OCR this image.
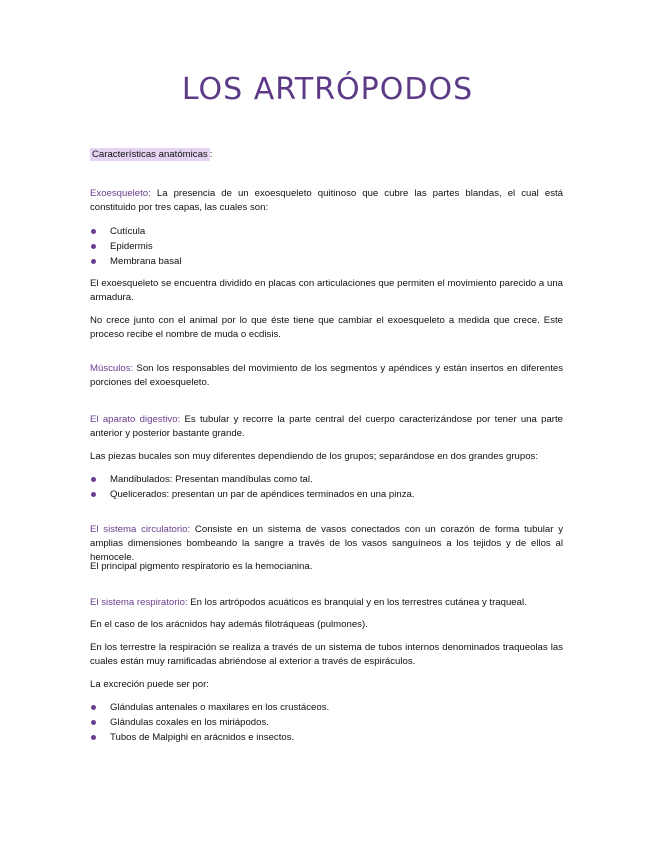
LOS ARTRÓPODOS
Características anatómicas :
Exoesqueleto: La presencia de un exoesqueleto quitinoso que cubre las partes blandas, el cual está constituido por tres capas, las cuales son:
Cutícula
Epidermis
Membrana basal
El exoesqueleto se encuentra dividido en placas con articulaciones que permiten el movimiento parecido a una armadura.
No crece junto con el animal por lo que éste tiene que cambiar el exoesqueleto a medida que crece. Este proceso recibe el nombre de muda o ecdisis.
Músculos: Son los responsables del movimiento de los segmentos y apéndices y están insertos en diferentes porciones del exoesqueleto.
El aparato digestivo: Es tubular y recorre la parte central del cuerpo caracterizándose por tener una parte anterior y posterior bastante grande.
Las piezas bucales son muy diferentes dependiendo de los grupos; separándose en dos grandes grupos:
Mandibulados: Presentan mandíbulas como tal.
Quelicerados: presentan un par de apéndices terminados en una pinza.
El sistema circulatorio: Consiste en un sistema de vasos conectados con un corazón de forma tubular y amplias dimensiones bombeando la sangre a través de los vasos sanguíneos a los tejidos y de ellos al hemocele.
El principal pigmento respiratorio es la hemocianina.
El sistema respiratorio: En los artrópodos acuáticos es branquial y en los terrestres cutánea y traqueal.
En el caso de los arácnidos hay además filotráqueas (pulmones).
En los terrestre la respiración se realiza a través de un sistema de tubos internos denominados traqueolas las cuales están muy ramificadas abriéndose al exterior a través de espiráculos.
La excreción puede ser por:
Glándulas antenales o maxilares en los crustáceos.
Glándulas coxales en los miriápodos.
Tubos de Malpighi en arácnidos e insectos.
